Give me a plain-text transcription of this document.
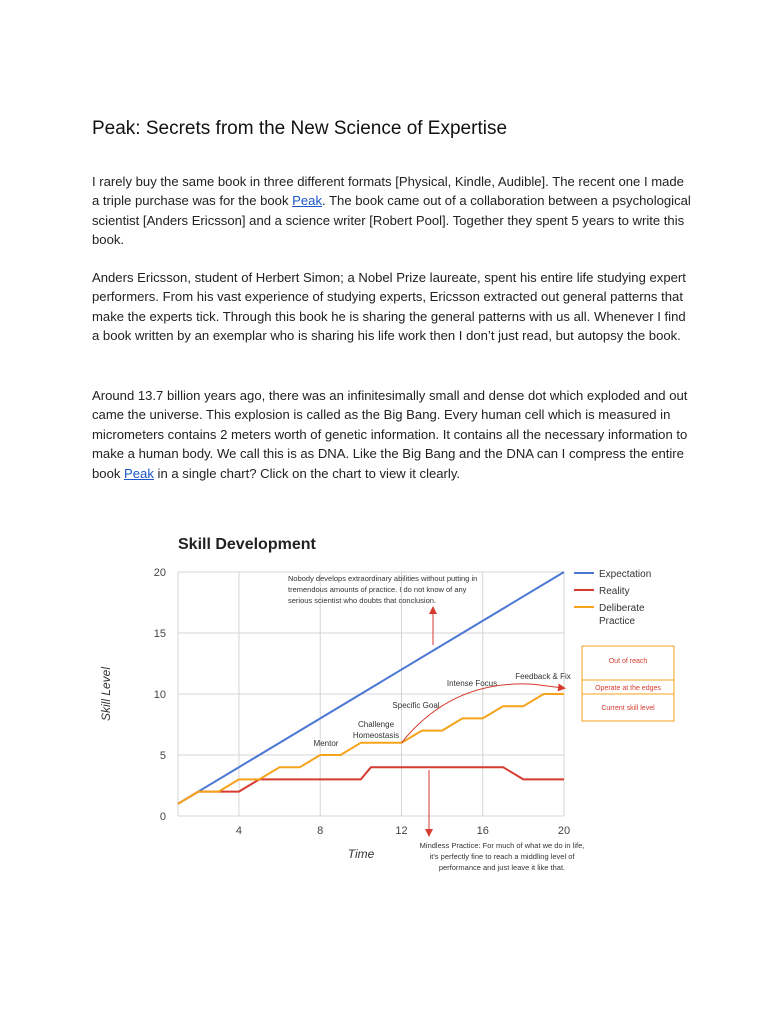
Peak: Secrets from the New Science of Expertise

I rarely buy the same book in three different formats [Physical, Kindle, Audible]. The recent one I made a triple purchase was for the book Peak. The book came out of a collaboration between a psychological scientist [Anders Ericsson] and a science writer [Robert Pool]. Together they spent 5 years to write this book.

Anders Ericsson, student of Herbert Simon; a Nobel Prize laureate, spent his entire life studying expert performers. From his vast experience of studying experts, Ericsson extracted out general patterns that make the experts tick. Through this book he is sharing the general patterns with us all. Whenever I find a book written by an exemplar who is sharing his life work then I don’t just read, but autopsy the book.

Around 13.7 billion years ago, there was an infinitesimally small and dense dot which exploded and out came the universe. This explosion is called as the Big Bang. Every human cell which is measured in micrometers contains 2 meters worth of genetic information. It contains all the necessary information to make a human body. We call this is as DNA. Like the Big Bang and the DNA can I compress the entire book Peak in a single chart? Click on the chart to view it clearly.

Skill Development
0
5
10
15
20
4	8	12	16	20
Time
Skill Level
Nobody develops extraordinary abilities without putting in
tremendous amounts of practice. I do not know of any
serious scientist who doubts that conclusion.
Mindless Practice: For much of what we do in life,
it’s perfectly fine to reach a middling level of
performance and just leave it like that.
Mentor
Challenge
Homeostasis
Specific Goal
Intense Focus
Feedback & Fix
Expectation
Reality
Deliberate
Practice
Out of reach
Operate at the edges
Current skill level
